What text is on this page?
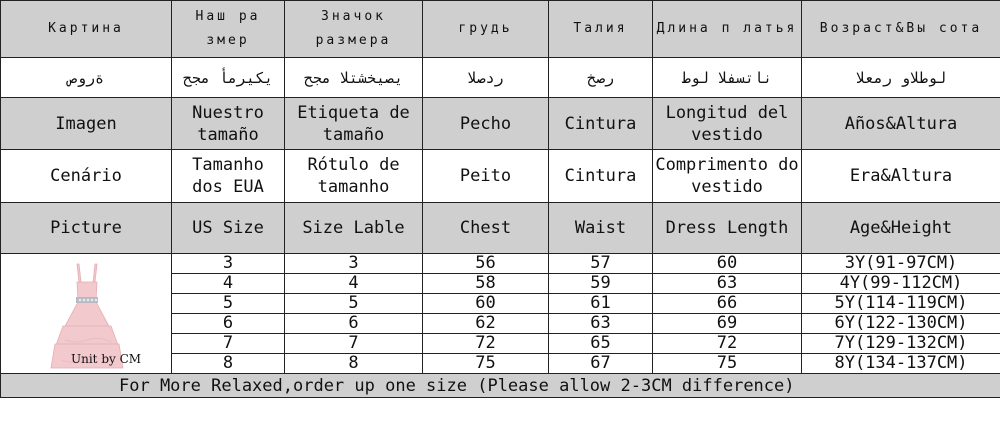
Картина	Наш ра змер	Значок размера	грудь	Талия	Длина п латья	Возраст&Вы сота
ةروص	يكيرمأ مجح	يصيخشتلا مجح	ردصلا	رصخ	ناتسفلا لوط	لوطلاو رمعلا
Imagen	Nuestro tamaño	Etiqueta de tamaño	Pecho	Cintura	Longitud del vestido	Años&Altura
Cenário	Tamanho dos EUA	Rótulo de tamanho	Peito	Cintura	Comprimento do vestido	Era&Altura
Picture	US Size	Size Lable	Chest	Waist	Dress Length	Age&Height

Unit by CM	3	3	56	57	60	3Y(91-97CM)
	4	4	58	59	63	4Y(99-112CM)
	5	5	60	61	66	5Y(114-119CM)
	6	6	62	63	69	6Y(122-130CM)
	7	7	72	65	72	7Y(129-132CM)
	8	8	75	67	75	8Y(134-137CM)
For More Relaxed,order up one size (Please allow 2-3CM difference)						
